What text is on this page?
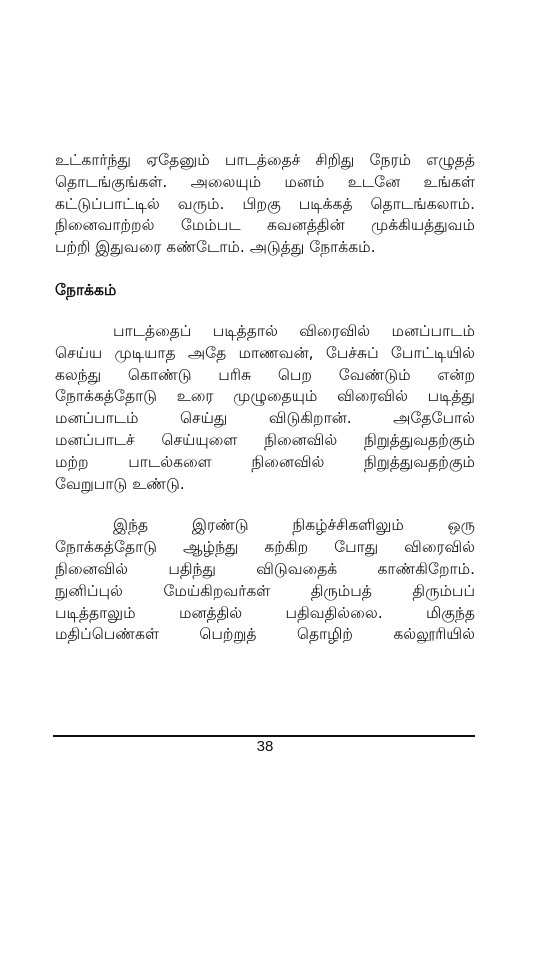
உட்கார்ந்து ஏதேனும் பாடத்தைச் சிறிது நேரம் எழுதத்
தொடங்குங்கள். அலையும் மனம் உடனே உங்கள்
கட்டுப்பாட்டில் வரும். பிறகு படிக்கத் தொடங்கலாம்.
நினைவாற்றல் மேம்பட கவனத்தின் முக்கியத்துவம்
பற்றி இதுவரை கண்டோம். அடுத்து நோக்கம்.

நோக்கம்

பாடத்தைப் படித்தால் விரைவில் மனப்பாடம்
செய்ய முடியாத அதே மாணவன், பேச்சுப் போட்டியில்
கலந்து கொண்டு பரிசு பெற வேண்டும் என்ற
நோக்கத்தோடு உரை முழுதையும் விரைவில் படித்து
மனப்பாடம் செய்து விடுகிறான். அதேபோல்
மனப்பாடச் செய்யுளை நினைவில் நிறுத்துவதற்கும்
மற்ற பாடல்களை நினைவில் நிறுத்துவதற்கும்
வேறுபாடு உண்டு.

இந்த இரண்டு நிகழ்ச்சிகளிலும் ஒரு
நோக்கத்தோடு ஆழ்ந்து கற்கிற போது விரைவில்
நினைவில் பதிந்து விடுவதைக் காண்கிறோம்.
நுனிப்புல் மேய்கிறவர்கள் திரும்பத் திரும்பப்
படித்தாலும் மனத்தில் பதிவதில்லை. மிகுந்த
மதிப்பெண்கள் பெற்றுத் தொழிற் கல்லூரியில்

38
